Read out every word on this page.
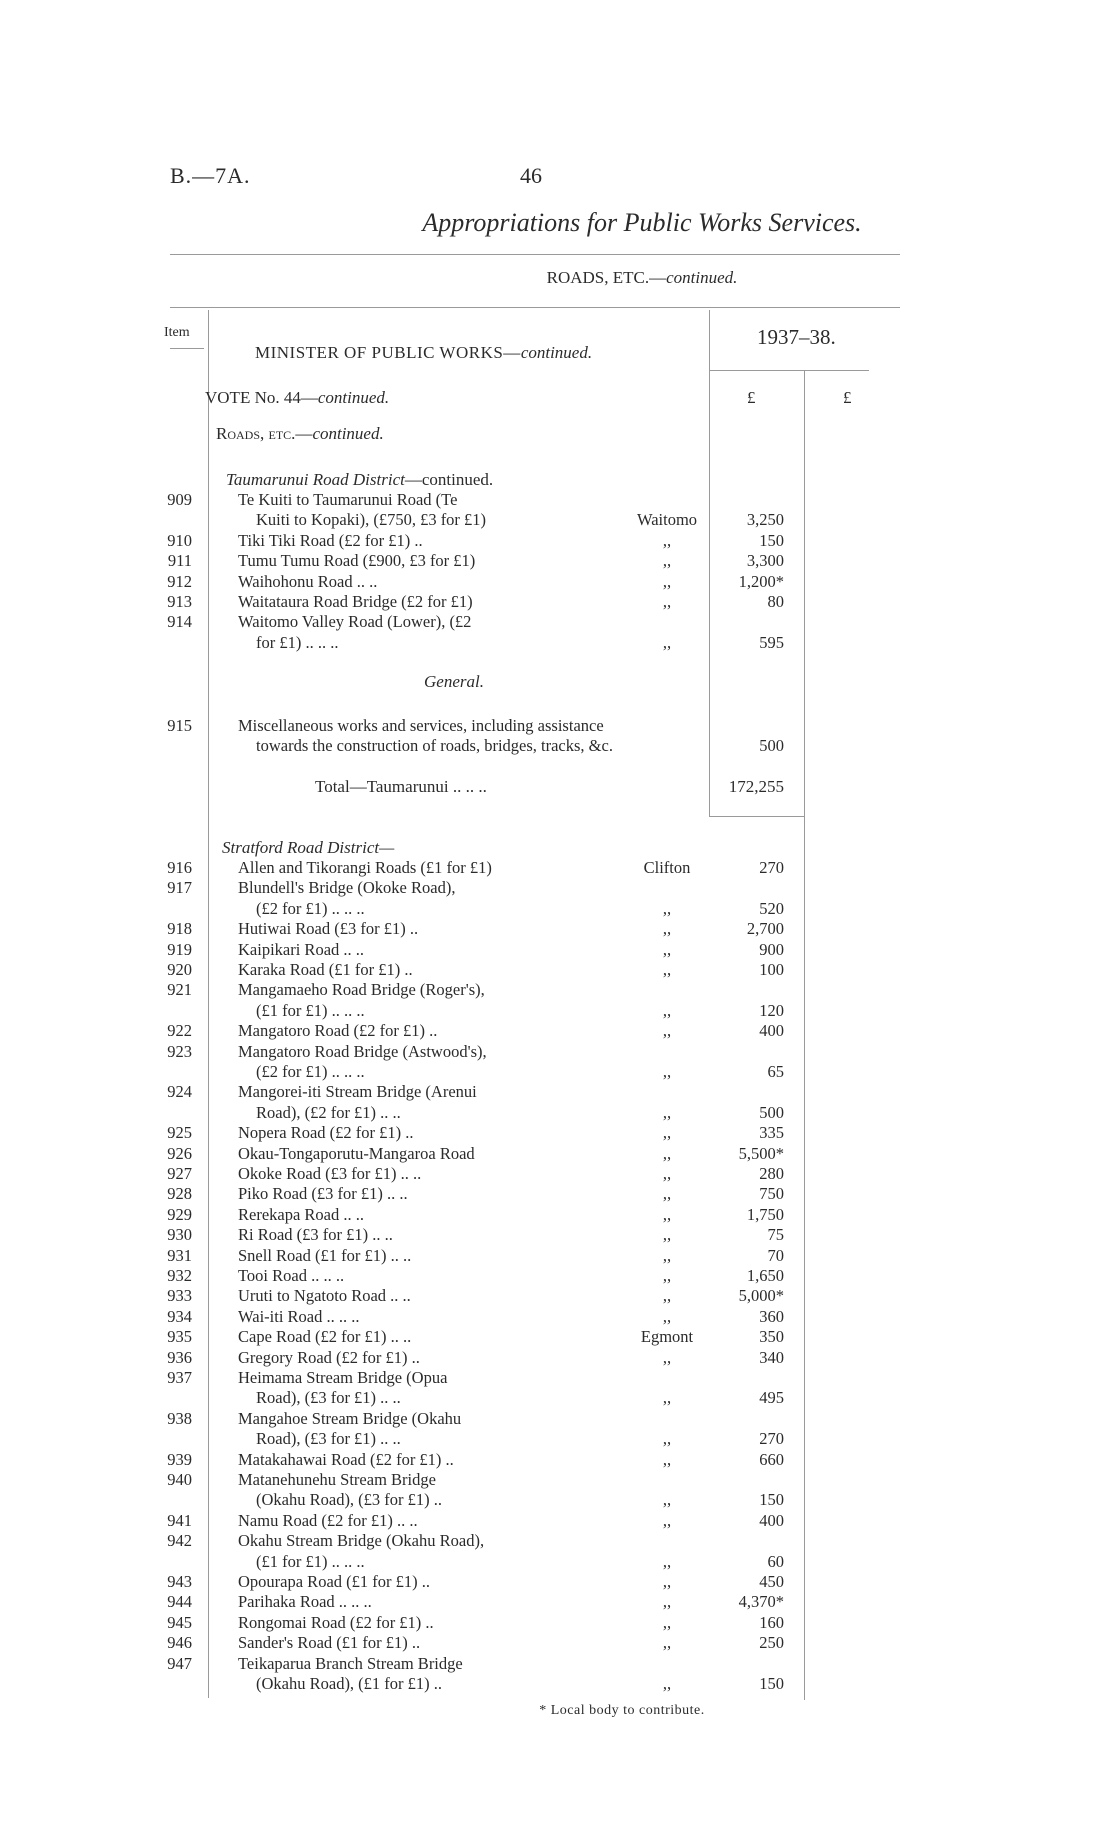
B.—7A.	46
Appropriations for Public Works Services.
ROADS, ETC.—continued.
Item
MINISTER OF PUBLIC WORKS—continued.
1937–38.
£	£
VOTE No. 44—continued.
Roads, etc.—continued.
Taumarunui Road District—continued.
909	Te Kuiti to Taumarunui Road (Te
Kuiti to Kopaki), (£750, £3 for £1)	Waitomo	3,250
910	Tiki Tiki Road (£2 for £1) ..	,,	150
911	Tumu Tumu Road (£900, £3 for £1)	,,	3,300
912	Waihohonu Road .. ..	,,	1,200*
913	Waitataura Road Bridge (£2 for £1)	,,	80
914	Waitomo Valley Road (Lower), (£2
for £1) .. .. ..	,,	595
General.
915	Miscellaneous works and services, including assistance
towards the construction of roads, bridges, tracks, &c.	500
Total—Taumarunui .. .. ..	172,255
Stratford Road District—
916	Allen and Tikorangi Roads (£1 for £1)	Clifton	270
917	Blundell's Bridge (Okoke Road),
(£2 for £1) .. .. ..	,,	520
918	Hutiwai Road (£3 for £1) ..	,,	2,700
919	Kaipikari Road .. ..	,,	900
920	Karaka Road (£1 for £1) ..	,,	100
921	Mangamaeho Road Bridge (Roger's),
(£1 for £1) .. .. ..	,,	120
922	Mangatoro Road (£2 for £1) ..	,,	400
923	Mangatoro Road Bridge (Astwood's),
(£2 for £1) .. .. ..	,,	65
924	Mangorei-iti Stream Bridge (Arenui
Road), (£2 for £1) .. ..	,,	500
925	Nopera Road (£2 for £1) ..	,,	335
926	Okau-Tongaporutu-Mangaroa Road	,,	5,500*
927	Okoke Road (£3 for £1) .. ..	,,	280
928	Piko Road (£3 for £1) .. ..	,,	750
929	Rerekapa Road .. ..	,,	1,750
930	Ri Road (£3 for £1) .. ..	,,	75
931	Snell Road (£1 for £1) .. ..	,,	70
932	Tooi Road .. .. ..	,,	1,650
933	Uruti to Ngatoto Road .. ..	,,	5,000*
934	Wai-iti Road .. .. ..	,,	360
935	Cape Road (£2 for £1) .. ..	Egmont	350
936	Gregory Road (£2 for £1) ..	,,	340
937	Heimama Stream Bridge (Opua
Road), (£3 for £1) .. ..	,,	495
938	Mangahoe Stream Bridge (Okahu
Road), (£3 for £1) .. ..	,,	270
939	Matakahawai Road (£2 for £1) ..	,,	660
940	Matanehunehu Stream Bridge
(Okahu Road), (£3 for £1) ..	,,	150
941	Namu Road (£2 for £1) .. ..	,,	400
942	Okahu Stream Bridge (Okahu Road),
(£1 for £1) .. .. ..	,,	60
943	Opourapa Road (£1 for £1) ..	,,	450
944	Parihaka Road .. .. ..	,,	4,370*
945	Rongomai Road (£2 for £1) ..	,,	160
946	Sander's Road (£1 for £1) ..	,,	250
947	Teikaparua Branch Stream Bridge
(Okahu Road), (£1 for £1) ..	,,	150
* Local body to contribute.
